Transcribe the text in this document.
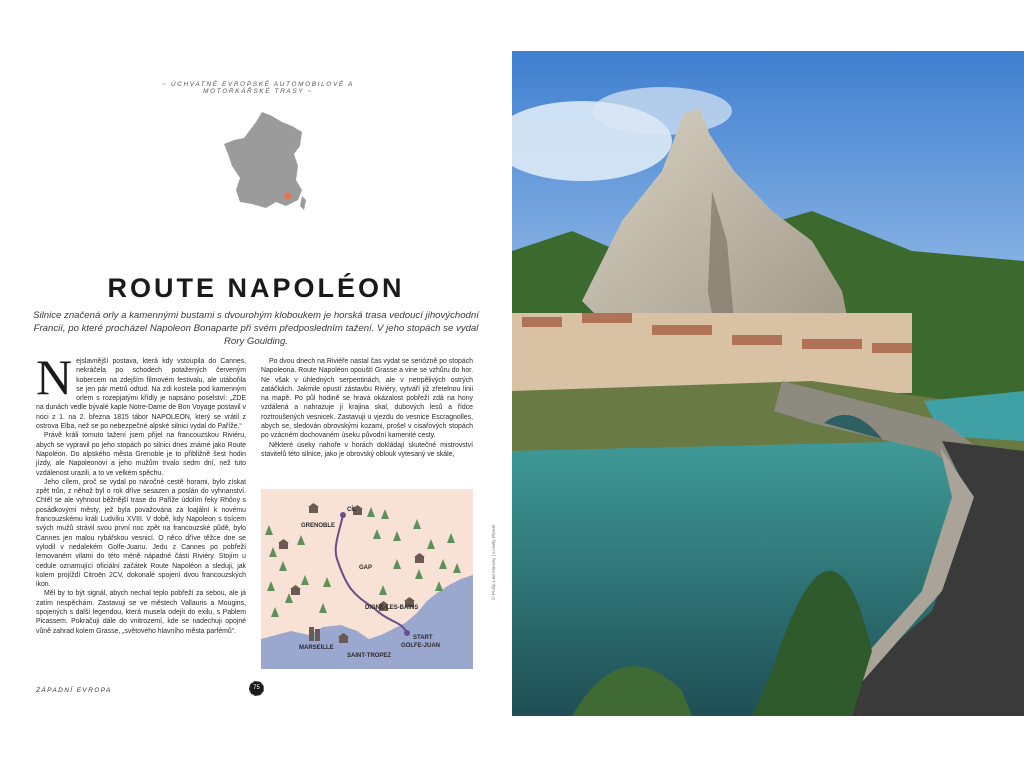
~ ÚCHVATNÉ EVROPSKÉ AUTOMOBILOVÉ A MOTORKÁŘSKÉ TRASY ~
ROUTE NAPOLÉON

Silnice značená orly a kamennými bustami s dvourohým kloboukem je horská trasa vedoucí jihovýchodní Francií, po které procházel Napoleon Bonaparte při svém předposledním tažení. V jeho stopách se vydal Rory Goulding.

N ejslavnější postava, která kdy vstoupila do Cannes, nekráčela po schodech potažených červeným kobercem na zdejším filmovém festivalu, ale utábořila se jen pár metrů odtud. Na zdi kostela pod kamenným orlem s rozepjatými křídly je napsáno poselství: „ZDE na dunách vedle bývalé kaple Notre-Dame de Bon Voyage postavil v noci z 1. na 2. března 1815 tábor NAPOLEON, který se vrátil z ostrova Elba, než se po nebezpečné alpské silnici vydal do Paříže.“

Právě králi tomuto tažení jsem přijel na francouzskou Riviéru, abych se vypravil po jeho stopách po silnici dnes známé jako Route Napoléon. Do alpského města Grenoble je to přibližně šest hodin jízdy, ale Napoleonovi a jeho mužům trvalo sedm dní, než tuto vzdálenost urazili, a to ve velkém spěchu.

Jeho cílem, proč se vydal po náročné cestě horami, bylo získat zpět trůn, z něhož byl o rok dříve sesazen a poslán do vyhnanství. Chtěl se ale vyhnout běžnější trase do Paříže údolím řeky Rhôny s posádkovými městy, jež byla považována za loajální k novému francouzskému králi Ludvíku XVIII. V době, kdy Napoleon s tisícem svých mužů strávil svou první noc zpět na francouzské půdě, bylo Cannes jen malou rybářskou vesnicí. O něco dříve těžce dne se vylodil v nedalekém Golfe-Juanu. Jedu z Cannes po pobřeží lemovaném vilami do této méně nápadné části Riviéry. Stojím u cedule oznamující oficiální začátek Route Napoléon a sleduji, jak kolem projíždí Citroën 2CV, dokonalé spojení dvou francouzských ikon.

Měl by to být signál, abych nechal teplo pobřeží za sebou, ale já zatím nespěchám. Zastavuji se ve městech Vallauris a Mougins, spojených s další legendou, která musela odejít do exilu, s Pablem Picassem. Pokračuji dále do vnitrozemí, kde se nadechuji opojné vůně zahrad kolem Grasse, „světového hlavního města parfémů“.

Po dvou dnech na Riviéře nastal čas vydat se seriózně po stopách Napoleona. Route Napoléon opouští Grasse a vine se vzhůru do hor. Ne však v úhledných serpentinách, ale v netrpělivých ostrých zatáčkách. Jakmile opustí zástavbu Riviéry, vytváří již zřetelnou linii na mapě. Po půl hodině se hravá okázalost pobřeží zdá na hony vzdálená a nahrazuje ji krajina skal, dubových lesů a řídce roztroušených vesnicek. Zastavuji u vjezdu do vesnice Escragnolles, abych se, sledován obrovskými kozami, prošel v cisařových stopách po vzácném dochovaném úseku původní kamenité cesty.

Některé úseky nahoře v horách dokládají skutečné mistrovství stavitelů této silnice, jako je obrovský oblouk vytesaný ve skále,

CÍL
GRENOBLE
GAP
DIGNE-LES-BAINS
START
GOLFE-JUAN
MARSEILLE
SAINT-TROPEZ
ZÁPADNÍ EVROPA	75
© Philip Lee Harvey | Lonely Planet
